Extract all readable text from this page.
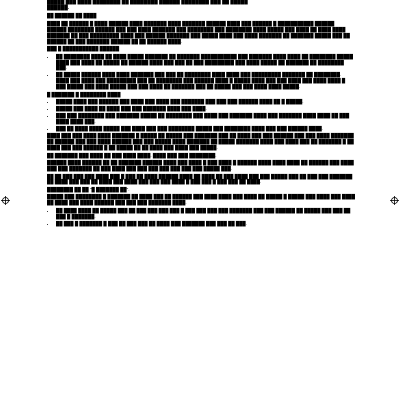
█████ ███ ████ ████████ ██ ████████ ██████ ████████ ███ ██ █████
██████.

██ ██████ ██ ████

████ ██ ██████ █ ████ ██████ ████ ███████ ████ ███████ ██████ ████ ███ ██████ █ ███████████ ██████ ██████ ████████ ██████ ███ ███ ████ ███████ ███ ████████ ███ ████████ ████ █████ ███ ████ ██ ████ ████ ███████ ██ ███ █████████ ████ ███ ██████ ███████ ███ █████ ████ ███ ████ ███████ ██ ███████ █████ ███ ██ ██████ ██ ███ ███████ ██████ ██ ██ ██████ ████.

███ █ ███████████ ██████

• ██ ████████ ████ ██ ████ █████ ███████ ██ ███████ ███████████ ███ ███████ ████ ████ ██ ████████ █████ ████ ███ ████ ██ █████ ██ ██████ ████ ███ ███ ██ ███ █████████ ███ ████ █████ ██ ███████ ██ ████████ ███.
• ██ █████ ██████ ████ ████ ███████ ███ ███ ██ ████████ ████ ████ ███ █████████ ███████ ██ ████████. ████ ███ ████ ███ █████████ ███ ██ ████████ ███ ██████ ████ █ █████ ████ ███ ███ ████ ███ ████ ████ █ ███ █████ ███ ████ █████ ███ ███ ████ ██ ███████ ███ ██ █████ ███ ███ ████ ████ █████.

█ ███████ █ ████████ ████

• █████ ████ ███ ██████ ███ ████ ███ ████ ███ ███████ ███ ███ ███ ██████ ████ ██ █ █████.
• █████ ███ ████ ██ ████ ███ ███ ███████ ████ ███ ████.
• ███ ███ ████████ ███ ███████ █████ ██ ████████ ███ ████ ███ ███████ ████ ███ ███████ ████ ████ ██ ███ ████ ████ ███.
• ███ ██ ████ ████ █████ ███ ████ ███ ███ ████████ █████ ███ ████████ ████ ███ ███ ██████ ████.

████ ███ ███ ████ ████ ███████ █ █████ ██ █████ ███ ███████ ███ ██ ████ ███ ███ ██████ ███ ███ ████ ███████ ██ ██████ ███ ███ ████ ██████ ███ ███ █████ ████ ███████ ██ █████ ███████ ████ ███ ████ ███ ██ ███████ █ ██ ████ ███ ███ ██████ █ ██ █████ ██ ██ ████ ███ ████ ███ █████.

██ ███████ ███ ████ ██ ███ ████ ████. ████ ███ ███ ████████.

██████ ████ ██████ ██ ██ ███████ ██████ ████ ███ ████ █ ███ ████ █ ██████ ████ ████ ████ ██ ██████ ███ ████ ███ ███ ███████ ██ ███ ████ ███ ███ ███ ███ ███ ███ ███ █████ ███.

██ ██ ███ ███ ███ ████ ███ █ ███ ██ ████ ██████ ████ ██ ████ ██ ███ ████ ███ ███ █████ ███ ██ ███ ███ ███████ ██ ████ ███ ███ ██ ████ ███ ████ ███ ███ ███ ████ █ ███ ███ █ ███ ███ ██ ████.

████████ ██ ██ "█ ███████ ██".

█████ ███ ████████ █ ███████ ██ ████ ███ ██ ██████ ███ ████ ████ ███ ████ ██ █████ █ █████ ███ ████ ███ ████ ██ ████ ███ ████ ██████ ███ ███ ███ ███████ ████.

• ██ ████ ████ ██ █████ ███ ██ ███ ███ ███ ███ █ ███ ███ ███ ███ ███████ ███ ███ ██████ ██ █████ ███ ███ ██ ███ █ ███████.
• ██ ███ █ ███████ █ ███ ██ ███ ███ ██ ████ ███ ███████ ███ ███ ██ ███.
